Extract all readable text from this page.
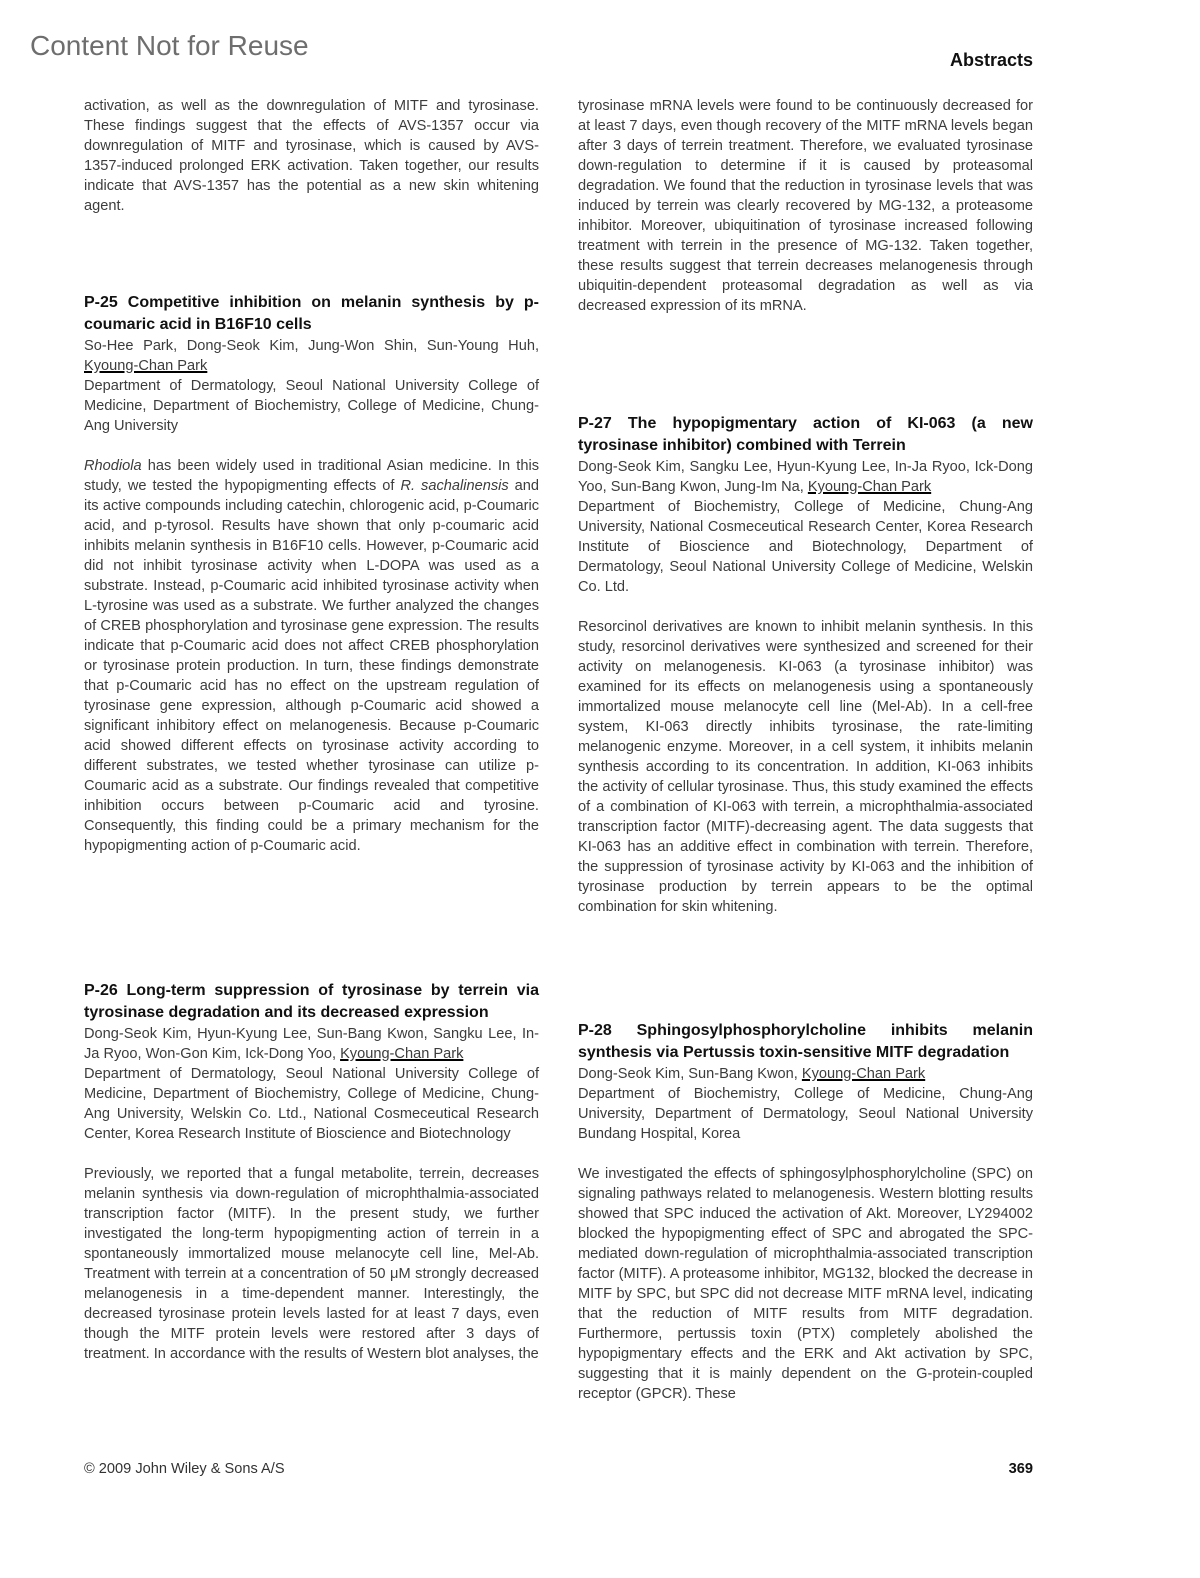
Content Not for Reuse	Abstracts

activation, as well as the downregulation of MITF and tyrosinase. These findings suggest that the effects of AVS-1357 occur via downregulation of MITF and tyrosinase, which is caused by AVS-1357-induced prolonged ERK activation. Taken together, our results indicate that AVS-1357 has the potential as a new skin whitening agent.

P-25 Competitive inhibition on melanin synthesis by p-coumaric acid in B16F10 cells

So-Hee Park, Dong-Seok Kim, Jung-Won Shin, Sun-Young Huh, Kyoung-Chan Park

Department of Dermatology, Seoul National University College of Medicine, Department of Biochemistry, College of Medicine, Chung-Ang University

Rhodiola has been widely used in traditional Asian medicine. In this study, we tested the hypopigmenting effects of R. sachalinensis and its active compounds including catechin, chlorogenic acid, p-Coumaric acid, and p-tyrosol. Results have shown that only p-coumaric acid inhibits melanin synthesis in B16F10 cells. However, p-Coumaric acid did not inhibit tyrosinase activity when L-DOPA was used as a substrate. Instead, p-Coumaric acid inhibited tyrosinase activity when L-tyrosine was used as a substrate. We further analyzed the changes of CREB phosphorylation and tyrosinase gene expression. The results indicate that p-Coumaric acid does not affect CREB phosphorylation or tyrosinase protein production. In turn, these findings demonstrate that p-Coumaric acid has no effect on the upstream regulation of tyrosinase gene expression, although p-Coumaric acid showed a significant inhibitory effect on melanogenesis. Because p-Coumaric acid showed different effects on tyrosinase activity according to different substrates, we tested whether tyrosinase can utilize p-Coumaric acid as a substrate. Our findings revealed that competitive inhibition occurs between p-Coumaric acid and tyrosine. Consequently, this finding could be a primary mechanism for the hypopigmenting action of p-Coumaric acid.

P-26 Long-term suppression of tyrosinase by terrein via tyrosinase degradation and its decreased expression

Dong-Seok Kim, Hyun-Kyung Lee, Sun-Bang Kwon, Sangku Lee, In-Ja Ryoo, Won-Gon Kim, Ick-Dong Yoo, Kyoung-Chan Park

Department of Dermatology, Seoul National University College of Medicine, Department of Biochemistry, College of Medicine, Chung-Ang University, Welskin Co. Ltd., National Cosmeceutical Research Center, Korea Research Institute of Bioscience and Biotechnology

Previously, we reported that a fungal metabolite, terrein, decreases melanin synthesis via down-regulation of microphthalmia-associated transcription factor (MITF). In the present study, we further investigated the long-term hypopigmenting action of terrein in a spontaneously immortalized mouse melanocyte cell line, Mel-Ab. Treatment with terrein at a concentration of 50 μM strongly decreased melanogenesis in a time-dependent manner. Interestingly, the decreased tyrosinase protein levels lasted for at least 7 days, even though the MITF protein levels were restored after 3 days of treatment. In accordance with the results of Western blot analyses, the

tyrosinase mRNA levels were found to be continuously decreased for at least 7 days, even though recovery of the MITF mRNA levels began after 3 days of terrein treatment. Therefore, we evaluated tyrosinase down-regulation to determine if it is caused by proteasomal degradation. We found that the reduction in tyrosinase levels that was induced by terrein was clearly recovered by MG-132, a proteasome inhibitor. Moreover, ubiquitination of tyrosinase increased following treatment with terrein in the presence of MG-132. Taken together, these results suggest that terrein decreases melanogenesis through ubiquitin-dependent proteasomal degradation as well as via decreased expression of its mRNA.

P-27 The hypopigmentary action of KI-063 (a new tyrosinase inhibitor) combined with Terrein

Dong-Seok Kim, Sangku Lee, Hyun-Kyung Lee, In-Ja Ryoo, Ick-Dong Yoo, Sun-Bang Kwon, Jung-Im Na, Kyoung-Chan Park

Department of Biochemistry, College of Medicine, Chung-Ang University, National Cosmeceutical Research Center, Korea Research Institute of Bioscience and Biotechnology, Department of Dermatology, Seoul National University College of Medicine, Welskin Co. Ltd.

Resorcinol derivatives are known to inhibit melanin synthesis. In this study, resorcinol derivatives were synthesized and screened for their activity on melanogenesis. KI-063 (a tyrosinase inhibitor) was examined for its effects on melanogenesis using a spontaneously immortalized mouse melanocyte cell line (Mel-Ab). In a cell-free system, KI-063 directly inhibits tyrosinase, the rate-limiting melanogenic enzyme. Moreover, in a cell system, it inhibits melanin synthesis according to its concentration. In addition, KI-063 inhibits the activity of cellular tyrosinase. Thus, this study examined the effects of a combination of KI-063 with terrein, a microphthalmia-associated transcription factor (MITF)-decreasing agent. The data suggests that KI-063 has an additive effect in combination with terrein. Therefore, the suppression of tyrosinase activity by KI-063 and the inhibition of tyrosinase production by terrein appears to be the optimal combination for skin whitening.

P-28 Sphingosylphosphorylcholine inhibits melanin synthesis via Pertussis toxin-sensitive MITF degradation

Dong-Seok Kim, Sun-Bang Kwon, Kyoung-Chan Park

Department of Biochemistry, College of Medicine, Chung-Ang University, Department of Dermatology, Seoul National University Bundang Hospital, Korea

We investigated the effects of sphingosylphosphorylcholine (SPC) on signaling pathways related to melanogenesis. Western blotting results showed that SPC induced the activation of Akt. Moreover, LY294002 blocked the hypopigmenting effect of SPC and abrogated the SPC-mediated down-regulation of microphthalmia-associated transcription factor (MITF). A proteasome inhibitor, MG132, blocked the decrease in MITF by SPC, but SPC did not decrease MITF mRNA level, indicating that the reduction of MITF results from MITF degradation. Furthermore, pertussis toxin (PTX) completely abolished the hypopigmentary effects and the ERK and Akt activation by SPC, suggesting that it is mainly dependent on the G-protein-coupled receptor (GPCR). These

© 2009 John Wiley & Sons A/S	369
